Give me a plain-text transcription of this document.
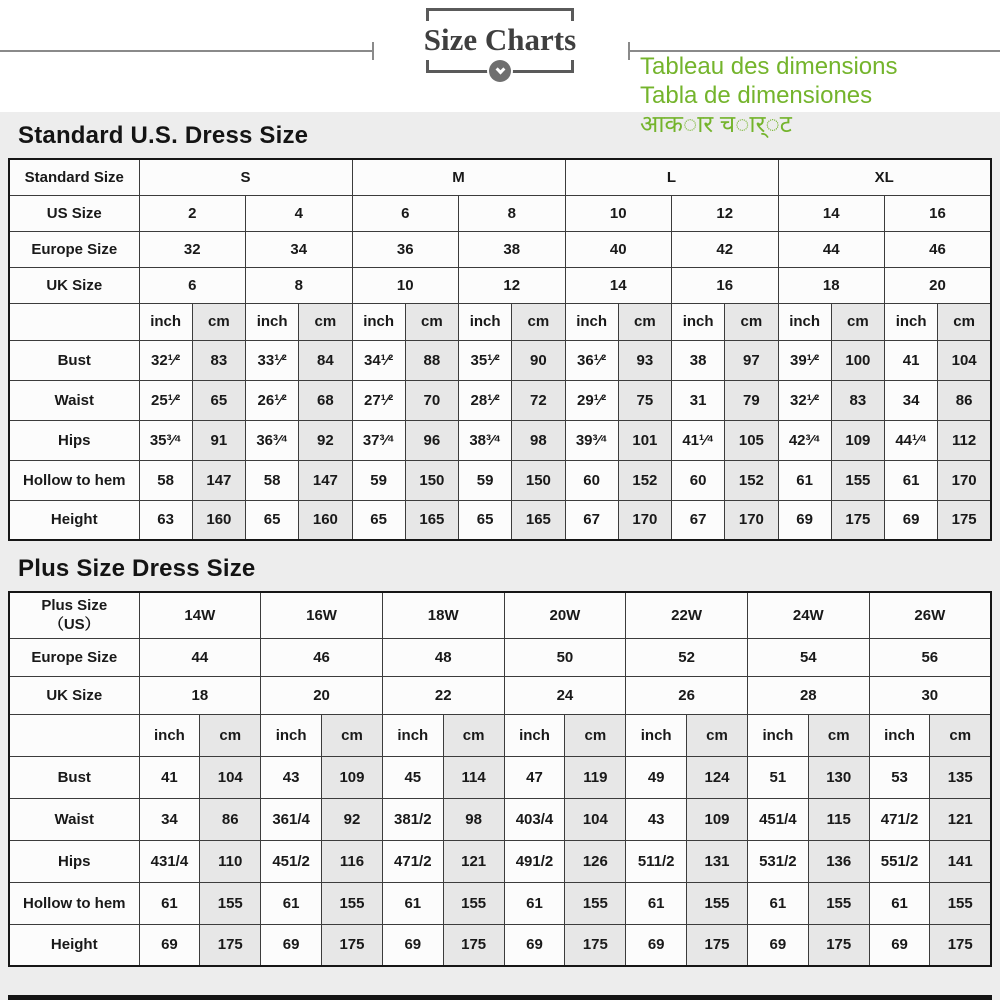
Size Charts
Tableau des dimensions
Tabla de dimensiones
आक◌ार च◌ार्◌ट
Standard U.S. Dress Size
Standard Size	S				M				L				XL			
US Size	2		4		6		8		10		12		14		16	
Europe Size	32		34		36		38		40		42		44		46	
UK Size	6		8		10		12		14		16		18		20	
	inch	cm	inch	cm	inch	cm	inch	cm	inch	cm	inch	cm	inch	cm	inch	cm
Bust	32¹⁄²	83	33¹⁄²	84	34¹⁄²	88	35¹⁄²	90	36¹⁄²	93	38	97	39¹⁄²	100	41	104
Waist	25¹⁄²	65	26¹⁄²	68	27¹⁄²	70	28¹⁄²	72	29¹⁄²	75	31	79	32¹⁄²	83	34	86
Hips	35³⁄⁴	91	36³⁄⁴	92	37³⁄⁴	96	38³⁄⁴	98	39³⁄⁴	101	41¹⁄⁴	105	42³⁄⁴	109	44¹⁄⁴	112
Hollow to hem	58	147	58	147	59	150	59	150	60	152	60	152	61	155	61	170
Height	63	160	65	160	65	165	65	165	67	170	67	170	69	175	69	175
Plus Size Dress Size
Plus Size
（US）	14W		16W		18W		20W		22W		24W		26W	
Europe Size	44		46		48		50		52		54		56	
UK Size	18		20		22		24		26		28		30	
	inch	cm	inch	cm	inch	cm	inch	cm	inch	cm	inch	cm	inch	cm
Bust	41	104	43	109	45	114	47	119	49	124	51	130	53	135
Waist	34	86	361/4	92	381/2	98	403/4	104	43	109	451/4	115	471/2	121
Hips	431/4	110	451/2	116	471/2	121	491/2	126	511/2	131	531/2	136	551/2	141
Hollow to hem	61	155	61	155	61	155	61	155	61	155	61	155	61	155
Height	69	175	69	175	69	175	69	175	69	175	69	175	69	175
